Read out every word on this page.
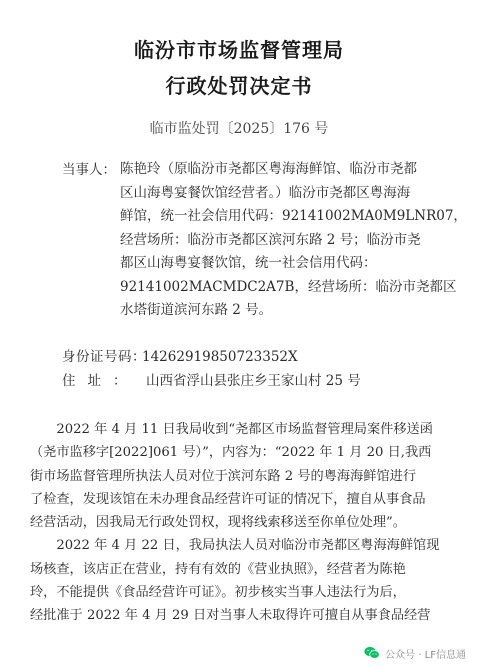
临汾市市场监督管理局
行政处罚决定书
临市监处罚〔2025〕176 号
当事人： 陈艳玲（原临汾市尧都区粤海海鲜馆、临汾市尧都
区山海粤宴餐饮馆经营者。）临汾市尧都区粤海海
鲜馆，统一社会信用代码：92141002MA0M9LNR07，
经营场所：临汾市尧都区滨河东路 2 号；临汾市尧
都区山海粤宴餐饮馆，统一社会信用代码：
92141002MACMDC2A7B，经营场所：临汾市尧都区
水塔街道滨河东路 2 号。
身份证号码：14262919850723352X
住址： 山西省浮山县张庄乡王家山村 25 号
　　2022 年 4 月 11 日我局收到“尧都区市场监督管理局案件移送函
（尧市监移字[2022]061 号）”，内容为：“2022 年 1 月 20 日,我西
街市场监督管理所执法人员对位于滨河东路 2 号的粤海海鲜馆进行
了检查，发现该馆在未办理食品经营许可证的情况下，擅自从事食品
经营活动，因我局无行政处罚权，现将线索移送至你单位处理”。
　　2022 年 4 月 22 日，我局执法人员对临汾市尧都区粤海海鲜馆现
场核查，该店正在营业，持有有效的《营业执照》，经营者为陈艳
玲，不能提供《食品经营许可证》。初步核实当事人违法行为后，
经批准于 2022 年 4 月 29 日对当事人未取得许可擅自从事食品经营
公众号 · LF信息通
